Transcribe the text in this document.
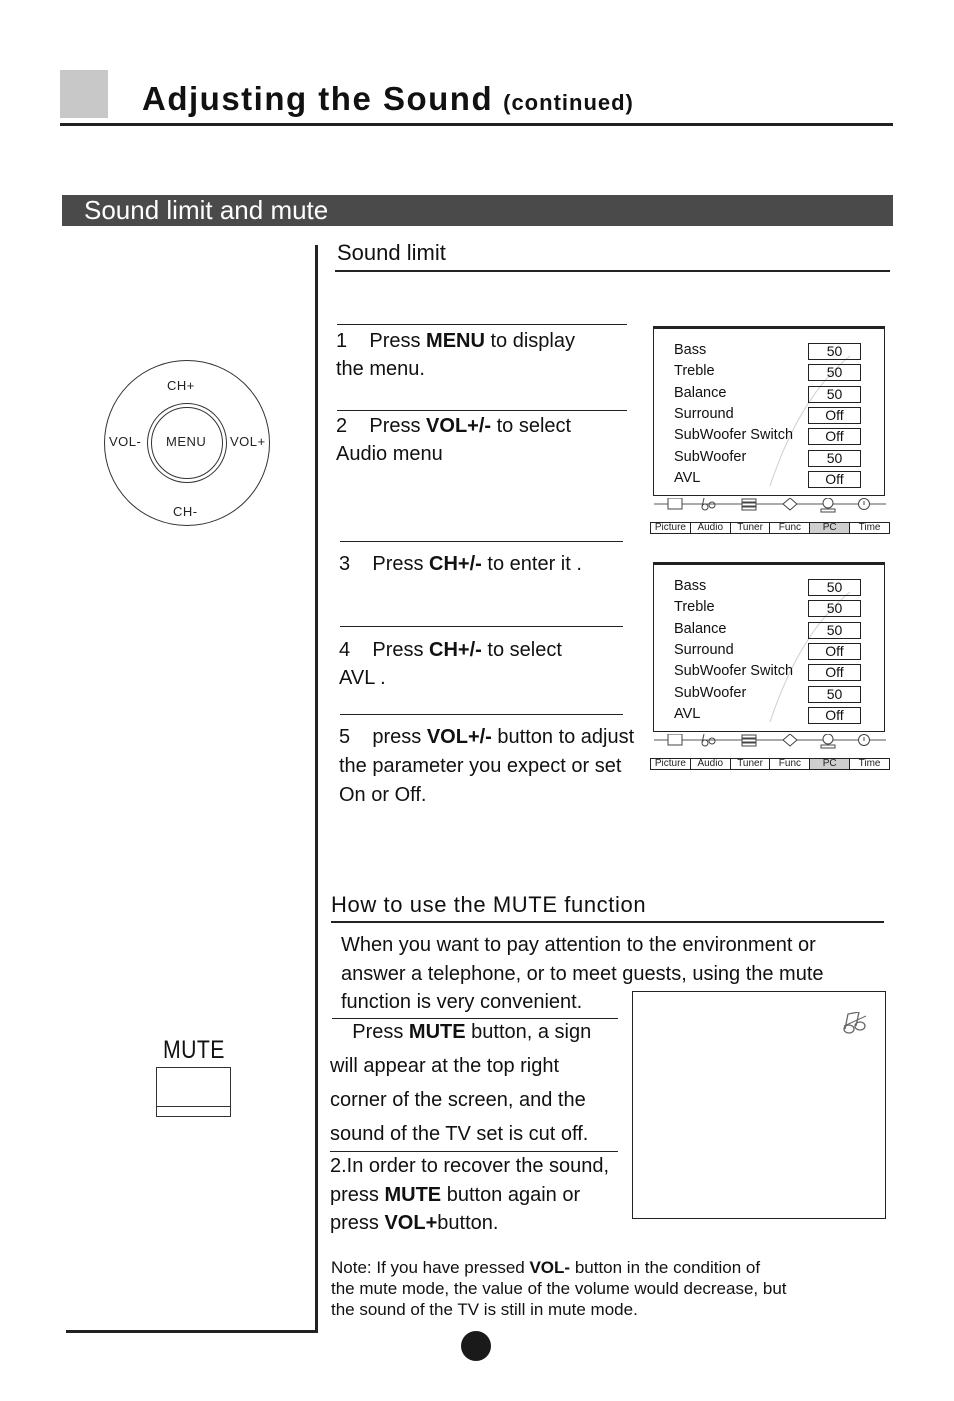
Adjusting the Sound (continued)
Sound limit and mute
Sound limit
1 Press MENU to display
the menu.
2 Press VOL+/- to select
Audio menu
3 Press CH+/- to enter it .
4 Press CH+/- to select
AVL .
5 press VOL+/- button to adjust
the parameter you expect or set
On or Off.
CH+
CH-
VOL-	VOL+
MENU
Bass	50
Treble	50
Balance	50
Surround	Off
SubWoofer Switch	Off
SubWoofer	50
AVL	Off
Picture	Audio	Tuner	Func	PC	Time
Bass	50
Treble	50
Balance	50
Surround	Off
SubWoofer Switch	Off
SubWoofer	50
AVL	Off
Picture	Audio	Tuner	Func	PC	Time
How to use the MUTE function
When you want to pay attention to the environment or
answer a telephone, or to meet guests, using the mute
function is very convenient.
Press MUTE button, a sign
will appear at the top right
corner of the screen, and the
sound of the TV set is cut off.
2.In order to recover the sound,
press MUTE button again or
press VOL+button.
MUTE
Note: If you have pressed VOL- button in the condition of
the mute mode, the value of the volume would decrease, but
the sound of the TV is still in mute mode.
